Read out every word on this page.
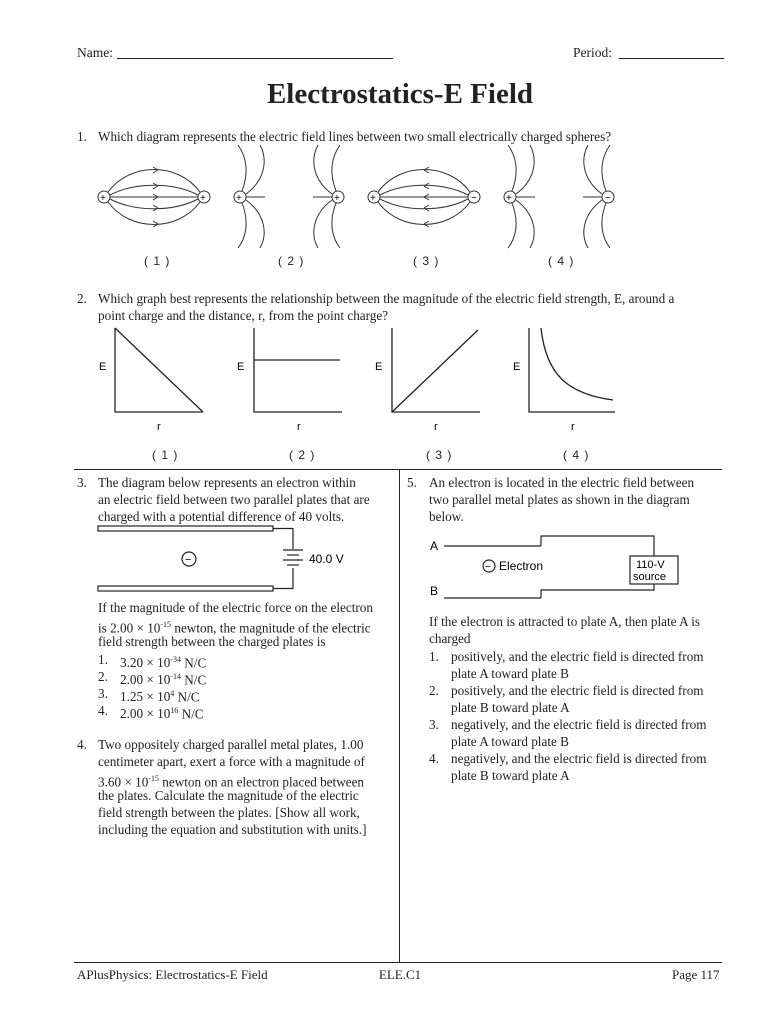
Name:	Period:
Electrostatics-E Field
1. Which diagram represents the electric field lines between two small electrically charged spheres?
+	+	+	+	+	−	+	−
( 1 )	( 2 )	( 3 )	( 4 )
2. Which graph best represents the relationship between the magnitude of the electric field strength, E, around a
point charge and the distance, r, from the point charge?
E
r
E
r
E
r
E
r
( 1 )	( 2 )	( 3 )	( 4 )
3. The diagram below represents an electron within
an electric field between two parallel plates that are
charged with a potential difference of 40 volts.
−	40.0 V
If the magnitude of the electric force on the electron
is $2.00 \times 10^{-15}$ newton, the magnitude of the electric
field strength between the charged plates is
1. $3.20 \times 10^{-34}$ N/C
2. $2.00 \times 10^{-14}$ N/C
3. $1.25 \times 10^4$ N/C
4. $2.00 \times 10^{16}$ N/C
4. Two oppositely charged parallel metal plates, 1.00
centimeter apart, exert a force with a magnitude of
$3.60 \times 10^{-15}$ newton on an electron placed between
the plates. Calculate the magnitude of the electric
field strength between the plates. [Show all work,
including the equation and substitution with units.]
5. An electron is located in the electric field between
two parallel metal plates as shown in the diagram
below.
A
B
− Electron	110-V
source
If the electron is attracted to plate A, then plate A is
charged
1. positively, and the electric field is directed from
plate A toward plate B
2. positively, and the electric field is directed from
plate B toward plate A
3. negatively, and the electric field is directed from
plate A toward plate B
4. negatively, and the electric field is directed from
plate B toward plate A
APlusPhysics: Electrostatics-E Field	ELE.C1	Page 117
